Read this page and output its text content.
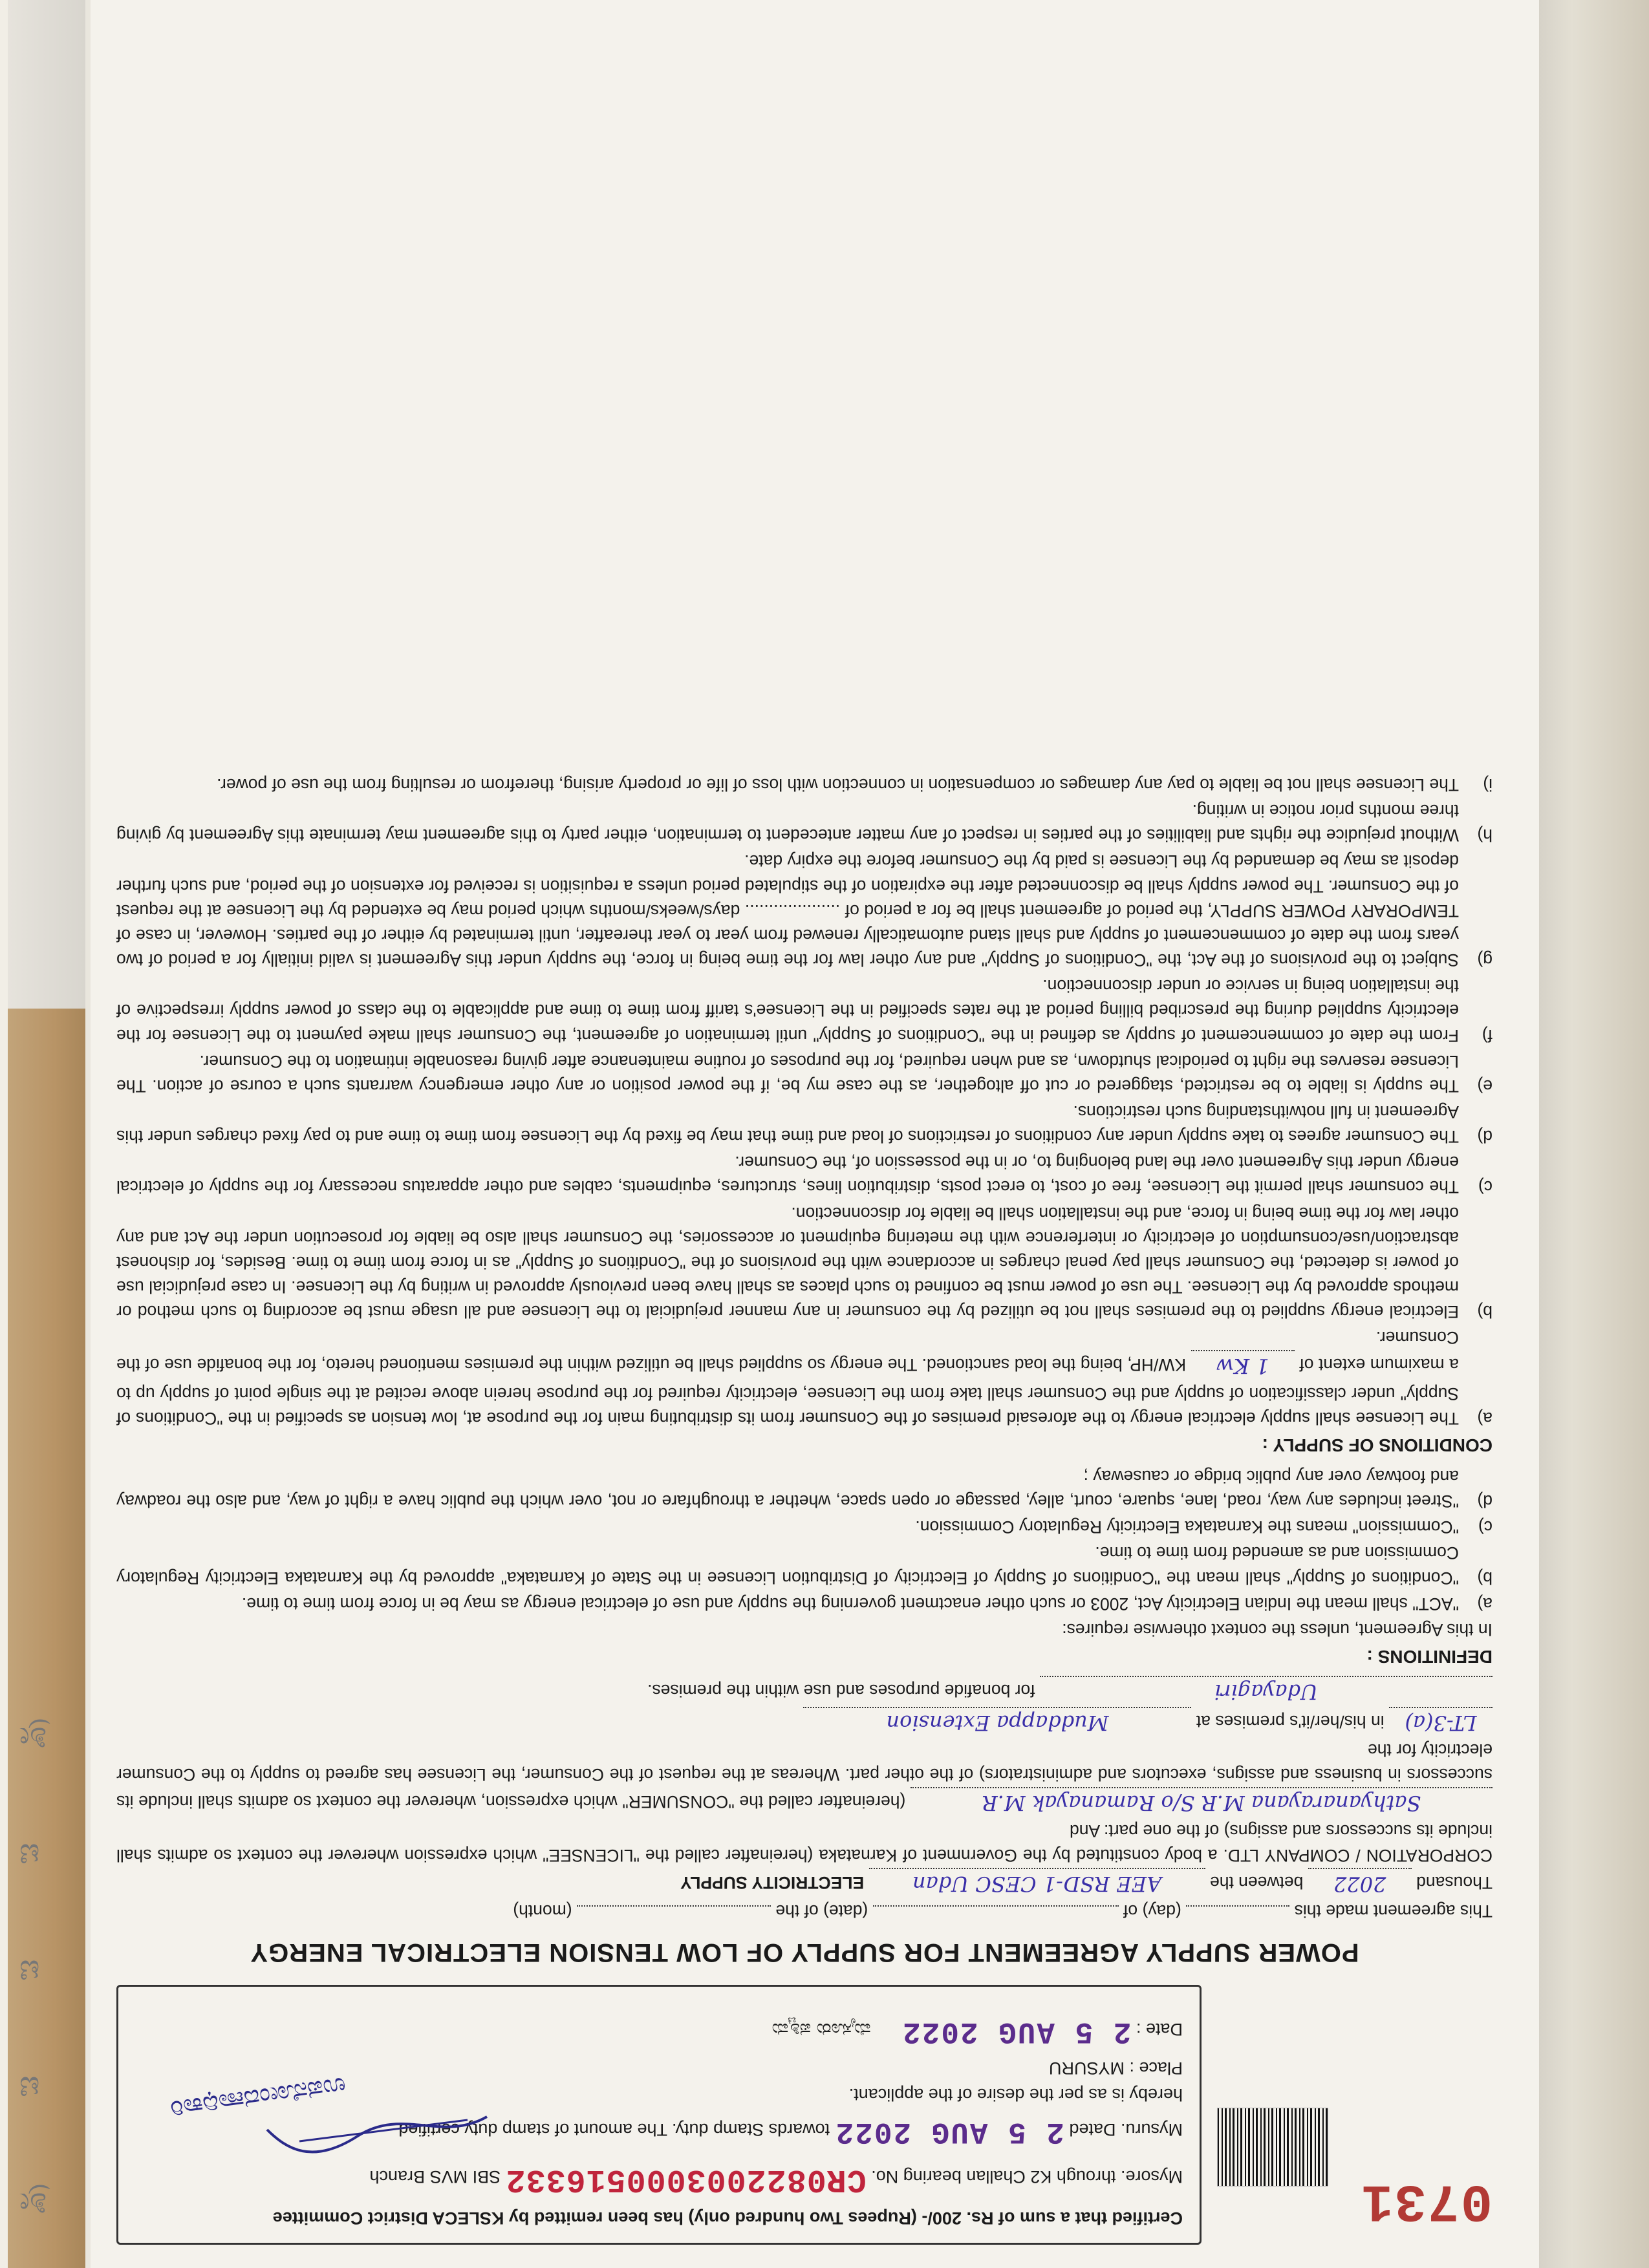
ಶ್ರೀ
ಟಿ
ಟಿ
ಟಿ
ಶ್ರೀ
0731
Certified that a sum of Rs. 200/- (Rupees Two hundred only) has been remitted by KSLECA District Committee
Mysore. through K2 Challan bearing No. CR0822003000516332 SBI MVS Branch
Mysuru. Dated 2 5 AUG 2022 towards Stamp duty. The amount of stamp duty certified
hereby is as per the desire of the applicant.
Place : MYSURU
Date : 2 5 AUG 2022 ಮೈಸೂರು ಪಶ್ಚಿಮ
ಉಪನೋಂದಣಾಧಿಕಾರಿ
POWER SUPPLY AGREEMENT FOR SUPPLY OF LOW TENSION ELECTRICAL ENERGY

This agreement made this  (day) of  (date) of the  (month)

Thousand 2022 between the AEE RSD-1 CESC Udan ELECTRICITY SUPPLY

CORPORATION / COMPANY LTD. a body constituted by the Government of Karnataka (hereinafter called the "LICENSEE" which expression wherever the context so admits shall include its successors and assigns) of the one part: And

Sathyanarayana M.R S/o Ramanayak M.R (hereinafter called the "CONSUMER" which expression, wherever the context so admits shall include its successors in business and assigns, executors and administrators) of the other part. Whereas at the request of the Consumer, the Licensee has agreed to supply to the Consumer electricity for the

LT-3(a) in his/her/it's premises at Muddappa Extension

Udayagiri for bonafide purposes and use within the premises.

DEFINITIONS :

In this Agreement, unless the context otherwise requires:

a)
"ACT" shall mean the Indian Electricity Act, 2003 or such other enactment governing the supply and use of electrical energy as may be in force from time to time.
b)
"Conditions of Supply" shall mean the "Conditions of Supply of Electricity of Distribution Licensee in the State of Karnataka" approved by the Karnataka Electricity Regulatory Commission and as amended from time to time.
c)
"Commission" means the Karnataka Electricity Regulatory Commission.
d)
"Street includes any way, road, lane, square, court, alley, passage or open space, whether a throughfare or not, over which the public have a right of way, and also the roadway and footway over any public bridge or causeway ;
CONDITIONS OF SUPPLY :
a)
The Licensee shall supply electrical energy to the aforesaid premises of the Consumer from its distributing main for the purpose at, low tension as specified in the "Conditions of Supply" under classification of supply and the Consumer shall take from the Licensee, electricity required for the purpose herein above recited at the single point of supply up to a maximum extent of 1 Kw KW/HP, being the load sanctioned. The energy so supplied shall be utilized within the premises mentioned hereto, for the bonafide use of the Consumer.
b)
Electrical energy supplied to the premises shall not be utilized by the consumer in any manner prejudicial to the Licensee and all usage must be according to such method or methods approved by the Licensee. The use of power must be confined to such places as shall have been previously approved in writing by the Licensee. In case prejudicial use of power is detected, the Consumer shall pay penal charges in accordance with the provisions of the "Conditions of Supply" as in force from time to time. Besides, for dishonest abstraction/use/consumption of electricity or interference with the metering equipment or accessories, the Consumer shall also be liable for prosecution under the Act and any other law for the time being in force, and the installation shall be liable for disconnection.
c)
The consumer shall permit the Licensee, free of cost, to erect posts, distribution lines, structures, equipments, cables and other apparatus necessary for the supply of electrical energy under this Agreement over the land belonging to, or in the possession of, the Consumer.
d)
The Consumer agrees to take supply under any conditions of restrictions of load and time that may be fixed by the Licensee from time to time and to pay fixed charges under this Agreement in full notwithstanding such restrictions.
e)
The supply is liable to be restricted, staggered or cut off altogether, as the case my be, if the power position or any other emergency warrants such a course of action. The Licensee reserves the right to periodical shutdown, as and when required, for the purposes of routine maintenance after giving reasonable intimation to the Consumer.
f)
From the date of commencement of supply as defined in the "Conditions of Supply" until termination of agreement, the Consumer shall make payment to the Licensee for the electricity supplied during the prescribed billing period at the rates specified in the Licensee's tariff from time to time and applicable to the class of power supply irrespective of the installation being in service or under disconnection.
g)
Subject to the provisions of the Act, the "Conditions of Supply" and any other law for the time being in force, the supply under this Agreement is valid initially for a period of two years from the date of commencement of supply and shall stand automatically renewed from year to year thereafter, until terminated by either of the parties. However, in case of TEMPORARY POWER SUPPLY, the period of agreement shall be for a period of .................... days/weeks/months which period may be extended by the Licensee at the request of the Consumer. The power supply shall be disconnected after the expiration of the stipulated period unless a requisition is received for extension of the period, and such further deposit as may be demanded by the Licensee is paid by the Consumer before the expiry date.
h)
Without prejudice the rights and liabilities of the parties in respect of any matter antecedent to termination, either party to this agreement may terminate this Agreement by giving three months prior notice in writing.
i)
The Licensee shall not be liable to pay any damages or compensation in connection with loss of life or property arising, therefrom or resulting from the use of power.
